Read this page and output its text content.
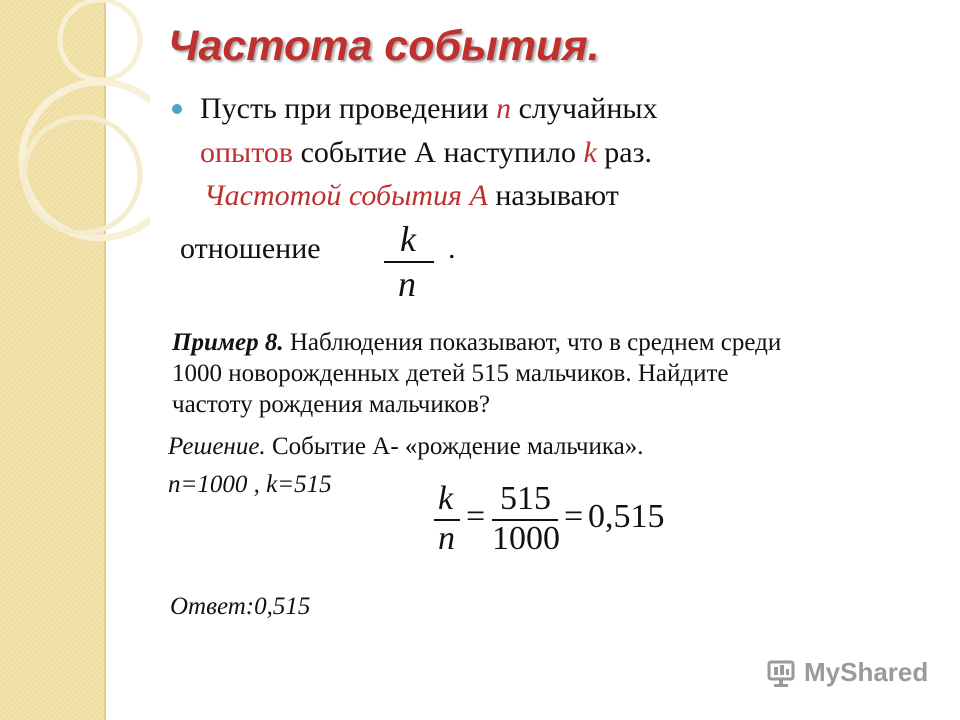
Частота события.
Пусть при проведении n случайных
опытов событие А наступило k раз.
Частотой события А называют
отношение	.
k
n
Пример 8. Наблюдения показывают, что в среднем среди
1000 новорожденных детей 515 мальчиков. Найдите
частоту рождения мальчиков?
Решение. Событие А- «рождение мальчика».
n=1000 , k=515	k
n
= 515
1000
= 0,515
Ответ:0,515
MyShared
